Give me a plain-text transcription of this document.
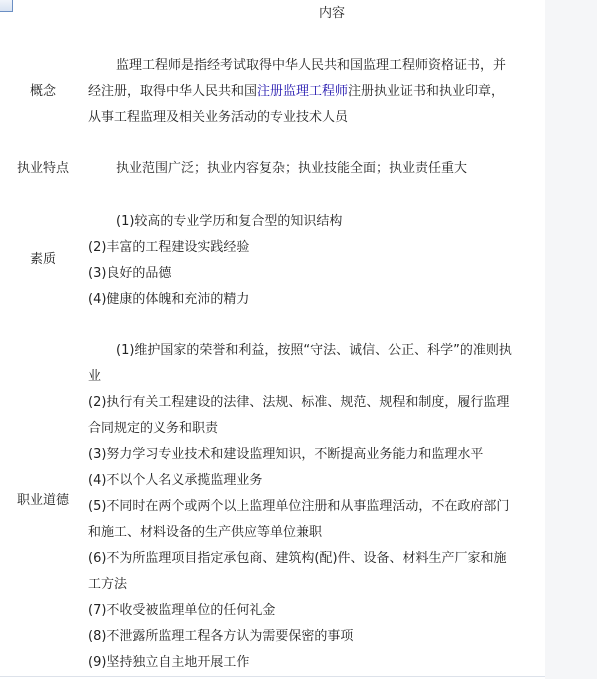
内容
概念
监理工程师是指经考试取得中华人民共和国监理工程师资格证书，并
经注册，取得中华人民共和国注册监理工程师注册执业证书和执业印章，
从事工程监理及相关业务活动的专业技术人员
执业特点	执业范围广泛；执业内容复杂；执业技能全面；执业责任重大
素质
(1)较高的专业学历和复合型的知识结构
(2)丰富的工程建设实践经验
(3)良好的品德
(4)健康的体魄和充沛的精力
职业道德
(1)维护国家的荣誉和利益，按照“守法、诚信、公正、科学”的准则执
业
(2)执行有关工程建设的法律、法规、标准、规范、规程和制度，履行监理
合同规定的义务和职责
(3)努力学习专业技术和建设监理知识，不断提高业务能力和监理水平
(4)不以个人名义承揽监理业务
(5)不同时在两个或两个以上监理单位注册和从事监理活动，不在政府部门
和施工、材料设备的生产供应等单位兼职
(6)不为所监理项目指定承包商、建筑构(配)件、设备、材料生产厂家和施
工方法
(7)不收受被监理单位的任何礼金
(8)不泄露所监理工程各方认为需要保密的事项
(9)坚持独立自主地开展工作
